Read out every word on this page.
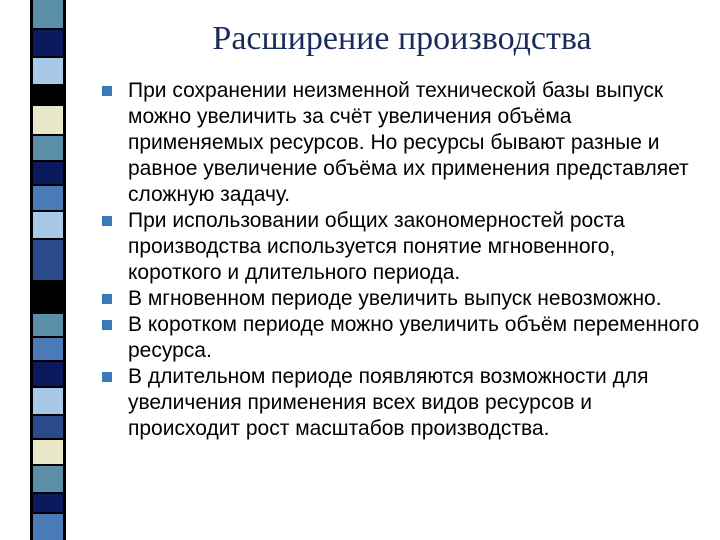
Расширение производства
При сохранении неизменной технической базы выпуск можно увеличить за счёт увеличения объёма применяемых ресурсов. Но ресурсы бывают разные и равное увеличение объёма их применения представляет сложную задачу.
При использовании общих закономерностей роста производства используется понятие мгновенного, короткого и длительного периода.
В мгновенном периоде увеличить выпуск невозможно.
В коротком периоде можно увеличить объём переменного ресурса.
В длительном периоде появляются возможности для увеличения применения всех видов ресурсов и происходит рост масштабов производства.
